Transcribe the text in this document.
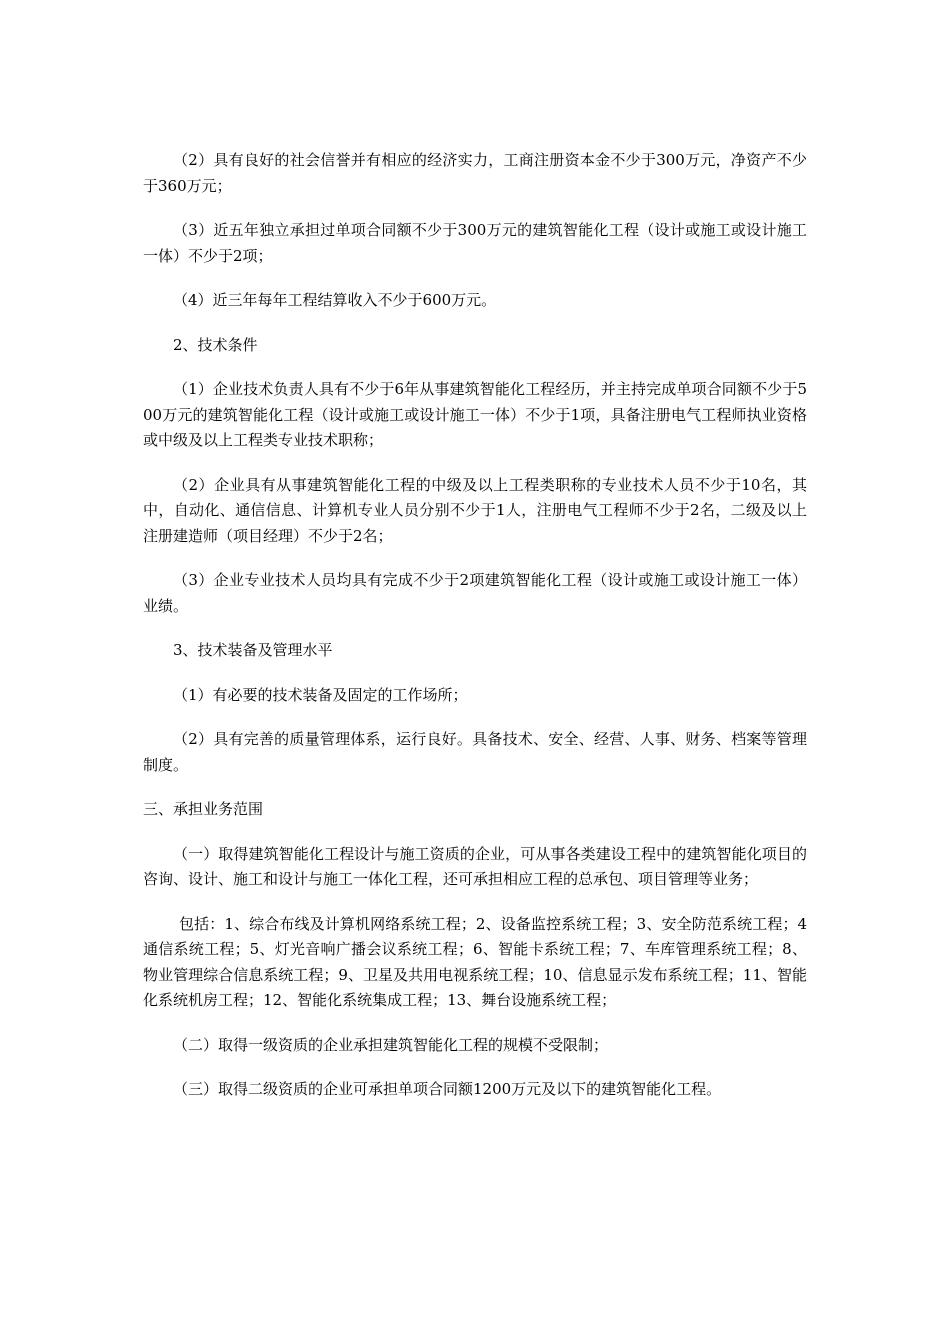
（2）具有良好的社会信誉并有相应的经济实力，工商注册资本金不少于300万元，净资产不少于360万元；

（3）近五年独立承担过单项合同额不少于300万元的建筑智能化工程（设计或施工或设计施工一体）不少于2项；

（4）近三年每年工程结算收入不少于600万元。

2、技术条件

（1）企业技术负责人具有不少于6年从事建筑智能化工程经历，并主持完成单项合同额不少于500万元的建筑智能化工程（设计或施工或设计施工一体）不少于1项，具备注册电气工程师执业资格或中级及以上工程类专业技术职称；

（2）企业具有从事建筑智能化工程的中级及以上工程类职称的专业技术人员不少于10名，其中，自动化、通信信息、计算机专业人员分别不少于1人，注册电气工程师不少于2名，二级及以上注册建造师（项目经理）不少于2名；

（3）企业专业技术人员均具有完成不少于2项建筑智能化工程（设计或施工或设计施工一体）业绩。

3、技术装备及管理水平

（1）有必要的技术装备及固定的工作场所；

（2）具有完善的质量管理体系，运行良好。具备技术、安全、经营、人事、财务、档案等管理制度。

三、承担业务范围

（一）取得建筑智能化工程设计与施工资质的企业，可从事各类建设工程中的建筑智能化项目的咨询、设计、施工和设计与施工一体化工程，还可承担相应工程的总承包、项目管理等业务；

包括：1、综合布线及计算机网络系统工程；2、设备监控系统工程；3、安全防范系统工程；4通信系统工程；5、灯光音响广播会议系统工程；6、智能卡系统工程；7、车库管理系统工程；8、物业管理综合信息系统工程；9、卫星及共用电视系统工程；10、信息显示发布系统工程；11、智能化系统机房工程；12、智能化系统集成工程；13、舞台设施系统工程；

（二）取得一级资质的企业承担建筑智能化工程的规模不受限制；

（三）取得二级资质的企业可承担单项合同额1200万元及以下的建筑智能化工程。
